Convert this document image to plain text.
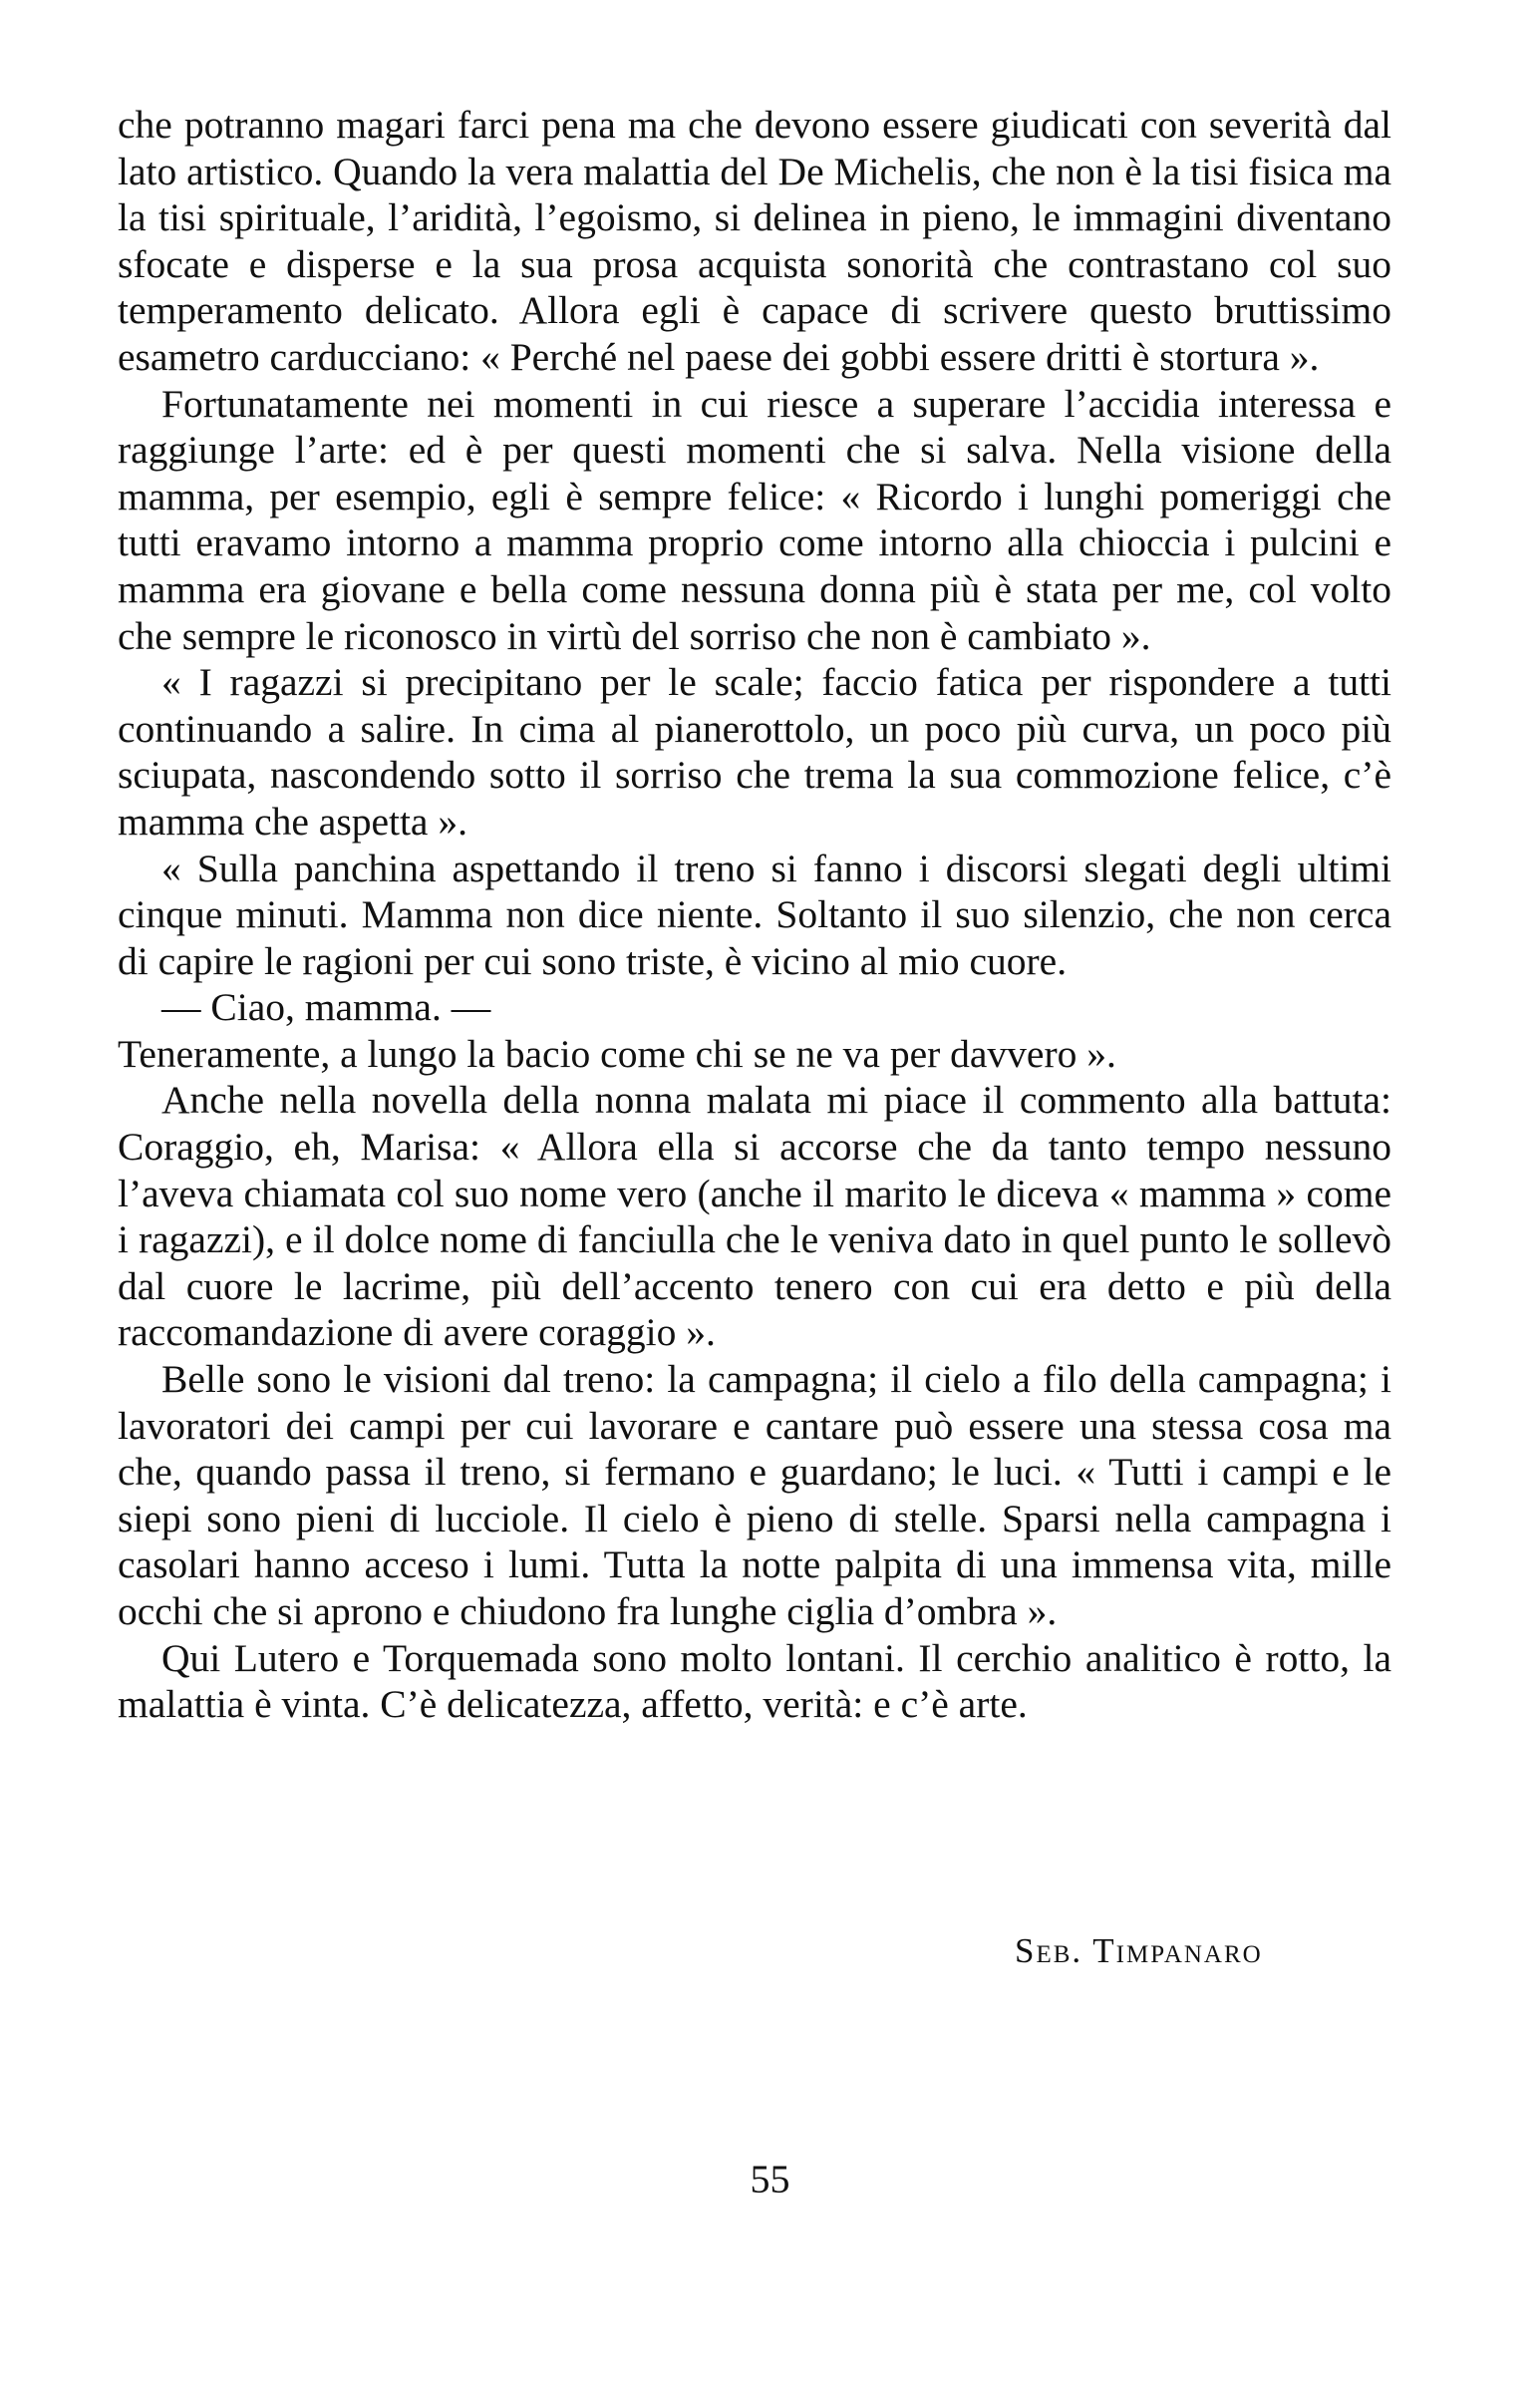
che potranno magari farci pena ma che devono essere giudicati con severità dal lato artistico. Quando la vera malattia del De Michelis, che non è la tisi fisica ma la tisi spirituale, l’aridità, l’egoismo, si delinea in pieno, le immagini diventano sfocate e disperse e la sua prosa acquista sonorità che contrastano col suo temperamento delicato. Allora egli è capace di scrivere questo bruttissimo esametro carducciano: « Perché nel paese dei gobbi essere dritti è stortura ».

Fortunatamente nei momenti in cui riesce a superare l’accidia interessa e raggiunge l’arte: ed è per questi momenti che si salva. Nella visione della mamma, per esempio, egli è sempre felice: « Ricordo i lunghi pomeriggi che tutti eravamo intorno a mamma proprio come intorno alla chioccia i pulcini e mamma era giovane e bella come nessuna donna più è stata per me, col volto che sempre le riconosco in virtù del sorriso che non è cambiato ».

« I ragazzi si precipitano per le scale; faccio fatica per rispondere a tutti continuando a salire. In cima al pianerottolo, un poco più curva, un poco più sciupata, nascondendo sotto il sorriso che trema la sua commozione felice, c’è mamma che aspetta ».

« Sulla panchina aspettando il treno si fanno i discorsi slegati degli ultimi cinque minuti. Mamma non dice niente. Soltanto il suo silenzio, che non cerca di capire le ragioni per cui sono triste, è vicino al mio cuore.

— Ciao, mamma. —

Teneramente, a lungo la bacio come chi se ne va per davvero ».

Anche nella novella della nonna malata mi piace il commento alla battuta: Coraggio, eh, Marisa: « Allora ella si accorse che da tanto tempo nessuno l’aveva chiamata col suo nome vero (anche il marito le diceva « mamma » come i ragazzi), e il dolce nome di fanciulla che le veniva dato in quel punto le sollevò dal cuore le lacrime, più dell’accento tenero con cui era detto e più della raccomandazione di avere coraggio ».

Belle sono le visioni dal treno: la campagna; il cielo a filo della campagna; i lavoratori dei campi per cui lavorare e cantare può essere una stessa cosa ma che, quando passa il treno, si fermano e guardano; le luci. « Tutti i campi e le siepi sono pieni di lucciole. Il cielo è pieno di stelle. Sparsi nella campagna i casolari hanno acceso i lumi. Tutta la notte palpita di una immensa vita, mille occhi che si aprono e chiudono fra lunghe ciglia d’ombra ».

Qui Lutero e Torquemada sono molto lontani. Il cerchio analitico è rotto, la malattia è vinta. C’è delicatezza, affetto, verità: e c’è arte.

Seb. Timpanaro
55
